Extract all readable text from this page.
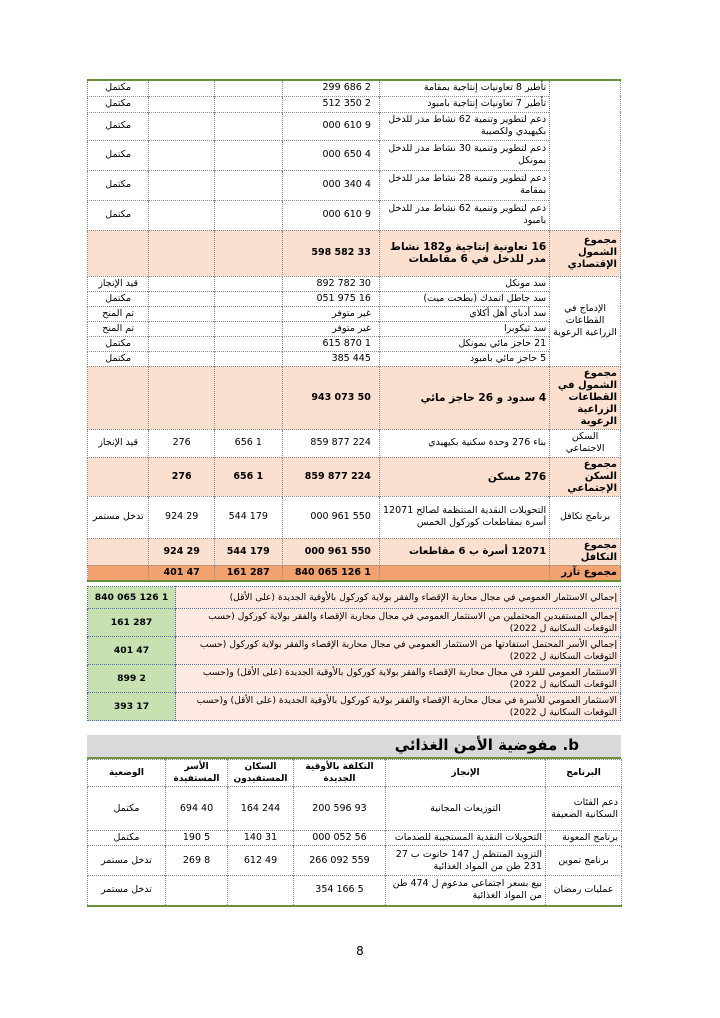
	تأطير 8 تعاونيات إنتاجية بمقامة	2 686 299			مكتمل
	تأطير 7 تعاونيات إنتاجية بامبود	2 350 512			مكتمل
	دعم لتطوير وتنمية 62 نشاط مدر للدخل بكيهيدي ولكصيبة	9 610 000			مكتمل
	دعم لتطوير وتنمية 30 نشاط مدر للدخل بمونكل	4 650 000			مكتمل
	دعم لتطوير وتنمية 28 نشاط مدر للدخل بمقامة	4 340 000			مكتمل
	دعم لتطوير وتنمية 62 نشاط مدر للدخل بامبود	9 610 000			مكتمل
مجموع الشمول الإقتصادي	16 تعاونية إنتاجية و182 نشاط مدر للدخل في 6 مقاطعات	33 582 598			
الإدماج في القطاعات الزراعية الرعوية	سد مونكل	30 782 892			قيد الإنجاز
	سد جاطل اتمدك (بطحت ميت)	16 975 051			مكتمل
	سد أدباي أهل أكلاي	غير متوفر			تم المنح
	سد ثيكوبرا	غير متوفر			تم المنح
	21 حاجز مائي بمونكل	1 870 615			مكتمل
	5 حاجز مائي بامبود	445 385			مكتمل
مجموع الشمول في القطاعات الزراعية الرعوية	4 سدود و 26 حاجز مائي	50 073 943			
السكن الاجتماعي	بناء 276 وحدة سكنية بكيهيدي	224 877 859	1 656	276	قيد الإنجاز
مجموع السكن الإجتماعي	276 مسكن	224 877 859	1 656	276	
برنامج تكافل	التحويلات النقدية المنتظمة لصالح 12071 أسرة بمقاطعات كوركول الخمس	550 961 000	179 544	29 924	تدخل مستمر
مجموع التكافل	12071 أسرة ب 6 مقاطعات	550 961 000	179 544	29 924	
مجموع تآزر		1 126 065 840	287 161	47 401	
إجمالي الاستثمار العمومي في مجال محاربة الإقصاء والفقر بولاية كوركول بالأوقية الجديدة (على الأقل)	1 126 065 840
إجمالي المستفيدين المحتملين من الاستثمار العمومي في مجال محاربة الإقصاء والفقر بولاية كوركول (حسب التوقعات السكانية ل 2022)	287 161
إجمالي الأسر المحتمل استفادتها من الاستثمار العمومي في مجال محاربة الإقصاء والفقر بولاية كوركول (حسب التوقعات السكانية ل 2022)	47 401
الاستثمار العمومي للفرد في مجال محاربة الإقصاء والفقر بولاية كوركول بالأوقية الجديدة (على الأقل) و(حسب التوقعات السكانية ل 2022)	2 899
الاستثمار العمومي للأسرة في مجال محاربة الإقصاء والفقر بولاية كوركول بالأوقية الجديدة (على الأقل) و(حسب التوقعات السكانية ل 2022)	17 393
b. مفوضية الأمن الغذائي
البرنامج	الإنجاز	التكلفة بالأوقية الجديدة	السكان المستفيدون	الأسر المستفيدة	الوضعية
دعم الفئات السكانية الضعيفة	التوزيعات المجانية	93 596 200	244 164	40 694	مكتمل
برنامج المعونة	التحويلات النقدية المستجيبة للصدمات	56 052 000	31 140	5 190	مكتمل
برنامج تموين	التزويد المنتظم ل 147 حانوت ب 27 231 طن من المواد الغذائية	559 092 266	49 612	8 269	تدخل مستمر
عمليات رمضان	بيع بسعر اجتماعي مدعوم ل 474 طن من المواد الغذائية	5 166 354			تدخل مستمر
8
